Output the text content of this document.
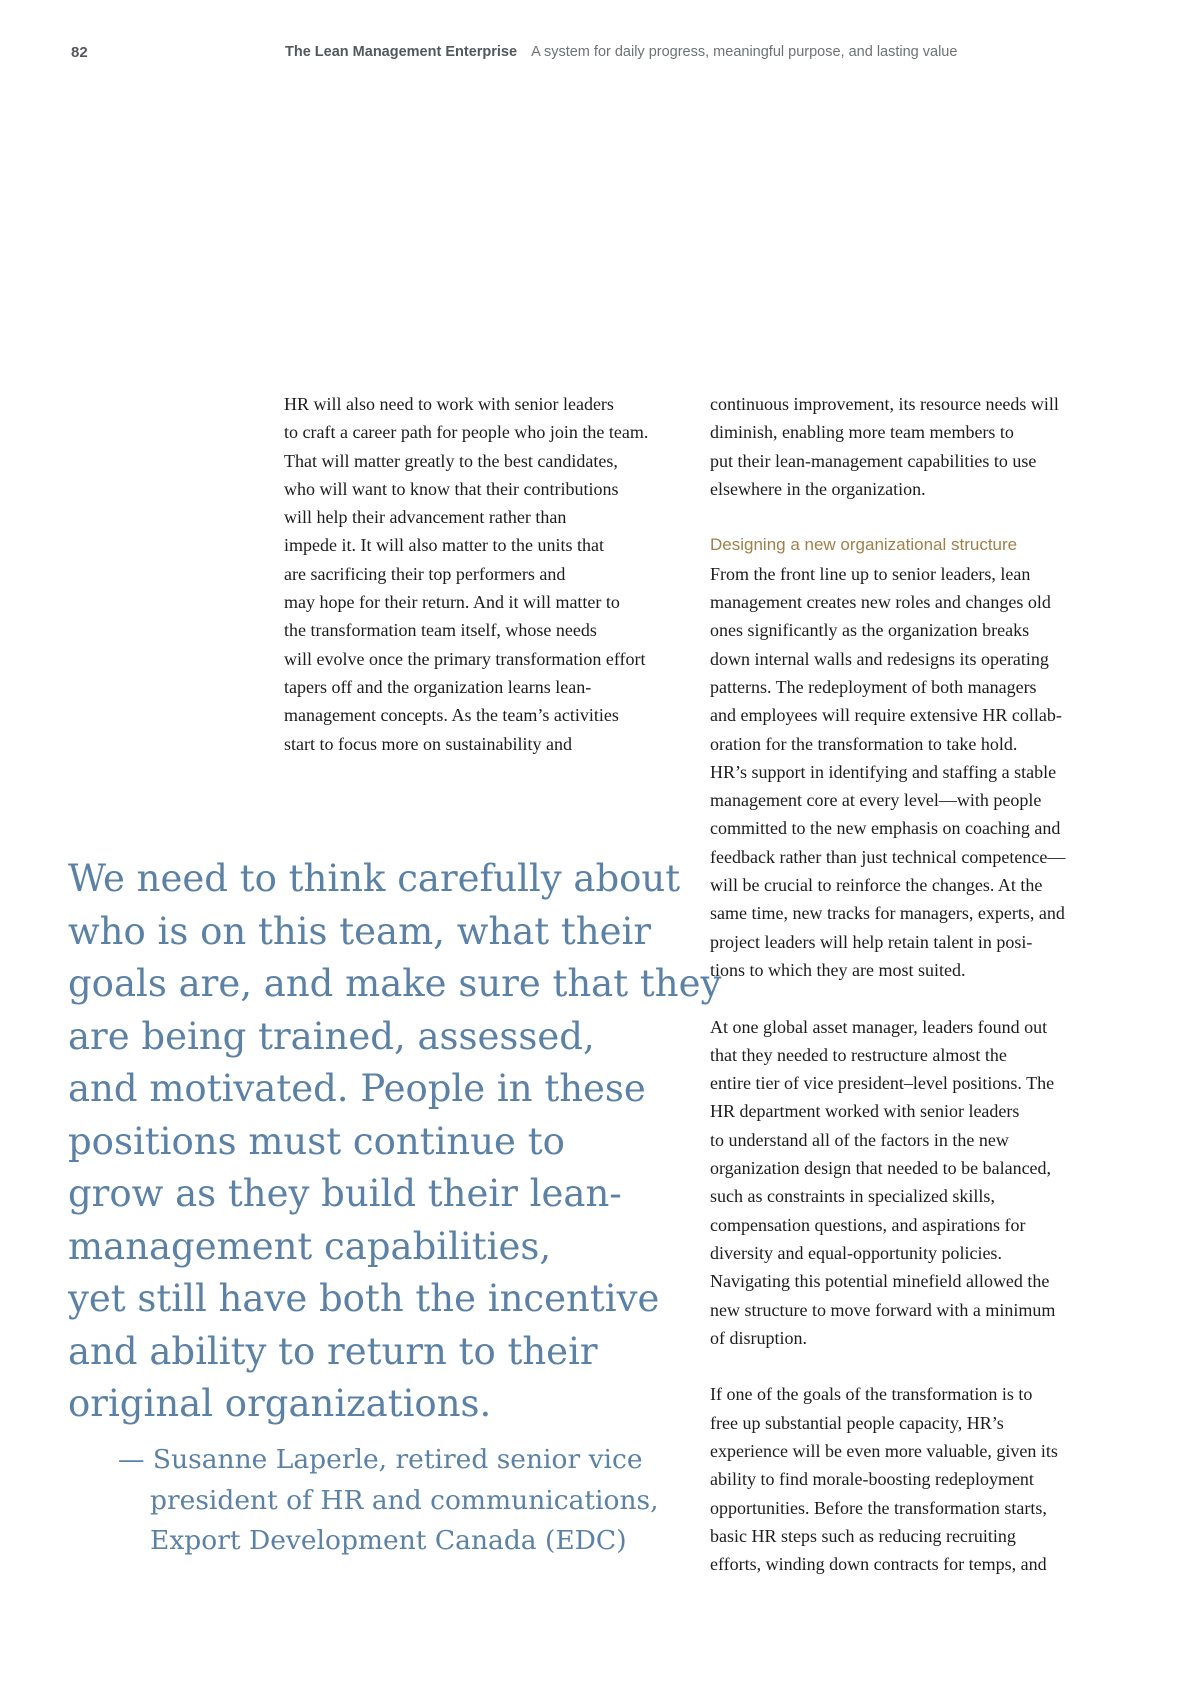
82	The Lean Management Enterprise A system for daily progress, meaningful purpose, and lasting value
HR will also need to work with senior leaders
to craft a career path for people who join the team.
That will matter greatly to the best candidates,
who will want to know that their contributions
will help their advancement rather than
impede it. It will also matter to the units that
are sacrificing their top performers and
may hope for their return. And it will matter to
the transformation team itself, whose needs
will evolve once the primary transformation effort
tapers off and the organization learns lean-
management concepts. As the team’s activities
start to focus more on sustainability and
continuous improvement, its resource needs will
diminish, enabling more team members to
put their lean-management capabilities to use
elsewhere in the organization.
Designing a new organizational structure
From the front line up to senior leaders, lean
management creates new roles and changes old
ones significantly as the organization breaks
down internal walls and redesigns its operating
patterns. The redeployment of both managers
and employees will require extensive HR collab-
oration for the transformation to take hold.
HR’s support in identifying and staffing a stable
management core at every level—with people
committed to the new emphasis on coaching and
feedback rather than just technical competence—
will be crucial to reinforce the changes. At the
same time, new tracks for managers, experts, and
project leaders will help retain talent in posi-
tions to which they are most suited.
At one global asset manager, leaders found out
that they needed to restructure almost the
entire tier of vice president–level positions. The
HR department worked with senior leaders
to understand all of the factors in the new
organization design that needed to be balanced,
such as constraints in specialized skills,
compensation questions, and aspirations for
diversity and equal-opportunity policies.
Navigating this potential minefield allowed the
new structure to move forward with a minimum
of disruption.
If one of the goals of the transformation is to
free up substantial people capacity, HR’s
experience will be even more valuable, given its
ability to find morale-boosting redeployment
opportunities. Before the transformation starts,
basic HR steps such as reducing recruiting
efforts, winding down contracts for temps, and
We need to think carefully about
who is on this team, what their
goals are, and make sure that they
are being trained, assessed,
and motivated. People in these
positions must continue to
grow as they build their lean-
management capabilities,
yet still have both the incentive
and ability to return to their
original organizations.
— Susanne Laperle, retired senior vice
president of HR and communications,
Export Development Canada (EDC)
